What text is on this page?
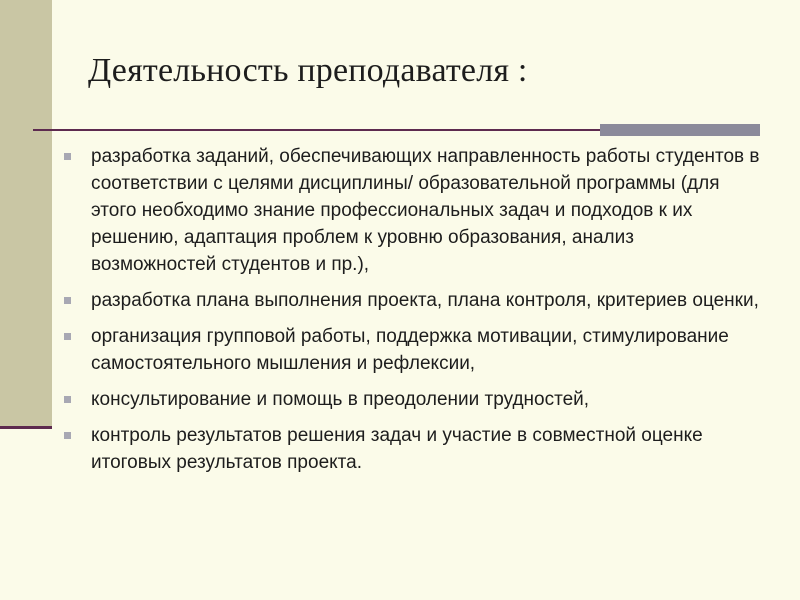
Деятельность преподавателя :
разработка заданий, обеспечивающих направленность работы студентов в соответствии с целями дисциплины/ образовательной программы (для этого необходимо знание профессиональных задач и подходов к их решению, адаптация проблем к уровню образования, анализ возможностей студентов и пр.),
разработка плана выполнения проекта, плана контроля, критериев оценки,
организация групповой работы, поддержка мотивации, стимулирование самостоятельного мышления и рефлексии,
консультирование и помощь в преодолении трудностей,
контроль результатов решения задач и участие в совместной оценке итоговых результатов проекта.
